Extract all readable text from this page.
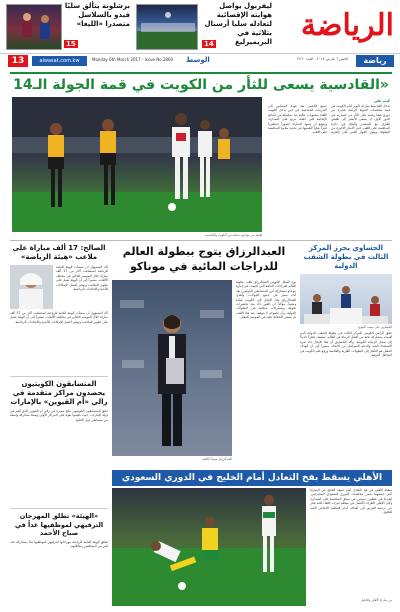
الرياضة
ليفربول يواصل هوايته الإقصائية لتعادله سلبا أرسنال بثلاثية في البريميرليغ
14
برشلونة يتألق سلبًا فيدو بالسلاسل متصدرا «الليغا»
15
13	alwasat.com.kw	Monday 6th March 2017 - Issue No.2860 الوسط	الاثنين ٦ مارس ٢٠١٧ - العدد ٢٨٦٠	رياضة
«القادسية يسعى للثأر من الكويت في قمة الجولة الـ14
كتب علي
يدخل القادسية مباراته اليوم أمام الكويت في قمة منافسات الجولة الرابعة عشرة من دوري فيفا وعينه على الثأر من خسارته في الدور الأول، إذ يسعى الأصفر إلى تقليص الفارق مع المتصدر والبقاء في دائرة المنافسة على اللقب حتى الأمتار الأخيرة من البطولة. ويعول الجهاز الفني على جاهزية جميع اللاعبين بعد عودة المصابين إلى التدريبات الجماعية، في حين يدخل الكويت اللقاء بمعنويات عالية بعد سلسلة من النتائج الإيجابية التي جعلته يتربع على الصدارة. ويتوقع أن تشهد المباراة حضوراً جماهيرياً كبيراً نظراً لأهميتها في تحديد ملامح المنافسة على اللقب.
لقطة من مواجهة سابقة بين الكويت والقادسية
الحساوي يحرز المركز الثالث في بطولة الشفب الدولية
الحساوي على منصة التتويج
حقق الرامي الكويتي المركز الثالث في بطولة الشفب الدولية التي أقيمت بمشاركة نخبة من أفضل الرماة في العالم، ليضيف إنجازاً جديداً إلى سجل الرماية الكويتية. وأكد الحساوي أن هذا الإنجاز جاء ثمرة الاستعداد الجيد والدعم المتواصل من الاتحاد، مشيراً إلى أن الهدف المقبل هو التأهل إلى البطولات القارية والعالمية ورفع علم الكويت في المحافل الدولية.
العبدالرزاق يتوج ببطولة العالم للدراجات المائية في موناكو
توج البطل الكويتي العبدالرزاق بلقب بطولة العالم للدراجات المائية التي أقيمت في إمارة موناكو بمشاركة أبرز المتسابقين الدوليين، بعد أداء مميز في جميع الجولات. وأهدى العبدالرزاق هذا الإنجاز إلى الكويت قيادة وشعباً، مؤكداً أن الفوز جاء بعد تحضيرات طويلة ومشاركات متتالية في البطولات الدولية، وأن طموحه لا يتوقف عند هذا اللقب بل يسعى للحفاظ عليه في الموسم المقبل.
العبدالرزاق متوجاً باللقب
الصالح: 17 ألف مباراة على ملاعب «هيئة الرياضة»
أكد المسؤول أن منشآت الهيئة العامة للرياضة استضافت أكثر من 17 ألف مباراة خلال الموسم الحالي في مختلف الألعاب، مشيراً إلى أن الهيئة تعمل على تطوير الملاعب وتوفير أفضل الإمكانات للأندية والاتحادات الرياضية.
أكد المسؤول أن منشآت الهيئة العامة للرياضة استضافت أكثر من 17 ألف مباراة خلال الموسم الحالي في مختلف الألعاب، مشيراً إلى أن الهيئة تعمل على تطوير الملاعب وتوفير أفضل الإمكانات للأندية والاتحادات الرياضية.
المتسابقون الكويتيون يحصدون مراكز متقدمة في رالي «أم القيوين» بالإمارات
حقق المتسابقون الكويتيون نتائج مميزة في رالي أم القيوين الذي أقيم في دولة الإمارات، حيث نافسوا بقوة على المراكز الأولى وسط مشاركة واسعة من متسابقي دول الخليج.
«الهيئة» تطلق المهرجان الترفيهي لموظفيها غداً في صباح الأحمد
تطلق الهيئة العامة للرياضة مهرجانها الترفيهي لموظفيها غداً بمشاركة عدد كبير من الموظفين وعائلاتهم.
الأهلي يسقط بفخ التعادل أمام الخليج في الدوري السعودي
سقط الأهلي في فخ التعادل أمام ضيفه الخليج في المباراة التي جمعتهما ضمن منافسات الدوري السعودي للمحترفين، ليفرط في نقطتين ثمينتين في سباق المنافسة على الصدارة. وكان الأهلي الطرف الأفضل في معظم فترات اللقاء لكنه عجز عن ترجمة الفرص إلى أهداف أمام التنظيم الدفاعي الجيد للخليج.
من مباراة الأهلي والخليج
